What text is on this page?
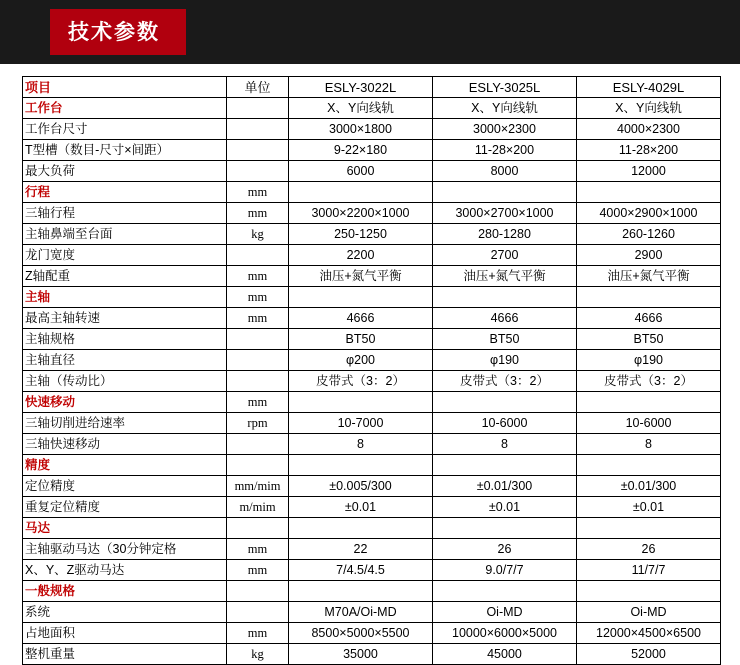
技术参数
项目	单位	ESLY-3022L	ESLY-3025L	ESLY-4029L
工作台		X、Y向线轨	X、Y向线轨	X、Y向线轨
工作台尺寸		3000×1800	3000×2300	4000×2300
T型槽（数目-尺寸×间距）		9-22×180	11-28×200	11-28×200
最大负荷		6000	8000	12000
行程	mm			
三轴行程	mm	3000×2200×1000	3000×2700×1000	4000×2900×1000
主轴鼻端至台面	kg	250-1250	280-1280	260-1260
龙门宽度		2200	2700	2900
Z轴配重	mm	油压+氮气平衡	油压+氮气平衡	油压+氮气平衡
主轴	mm			
最高主轴转速	mm	4666	4666	4666
主轴规格		BT50	BT50	BT50
主轴直径		φ200	φ190	φ190
主轴（传动比）		皮带式（3：2）	皮带式（3：2）	皮带式（3：2）
快速移动	mm			
三轴切削进给速率	rpm	10-7000	10-6000	10-6000
三轴快速移动		8	8	8
精度				
定位精度	mm/mim	±0.005/300	±0.01/300	±0.01/300
重复定位精度	m/mim	±0.01	±0.01	±0.01
马达				
主轴驱动马达（30分钟定格	mm	22	26	26
X、Y、Z驱动马达	mm	7/4.5/4.5	9.0/7/7	11/7/7
一般规格				
系统		M70A/Oi-MD	Oi-MD	Oi-MD
占地面积	mm	8500×5000×5500	10000×6000×5000	12000×4500×6500
整机重量	kg	35000	45000	52000
